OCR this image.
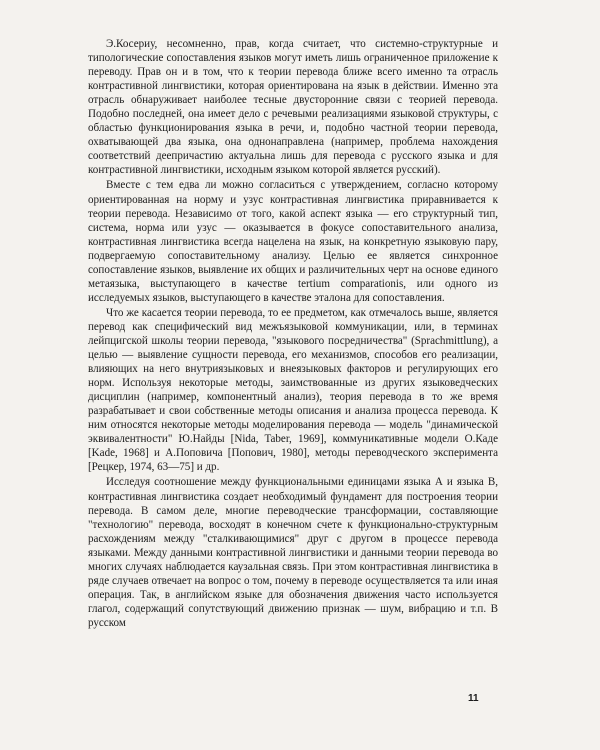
Э.Косериу, несомненно, прав, когда считает, что системно-структурные и типологические сопоставления языков могут иметь лишь ограниченное приложение к переводу. Прав он и в том, что к теории перевода ближе всего именно та отрасль контрастивной лингвистики, которая ориентирована на язык в действии. Именно эта отрасль обнаруживает наиболее тесные двусторонние связи с теорией перевода. Подобно последней, она имеет дело с речевыми реализациями языковой структуры, с областью функционирования языка в речи, и, подобно частной теории перевода, охватывающей два языка, она однонаправлена (например, проблема нахождения соответствий деепричастию актуальна лишь для перевода с русского языка и для контрастивной лингвистики, исходным языком которой является русский).

Вместе с тем едва ли можно согласиться с утверждением, согласно которому ориентированная на норму и узус контрастивная лингвистика приравнивается к теории перевода. Независимо от того, какой аспект языка — его структурный тип, система, норма или узус — оказывается в фокусе сопоставительного анализа, контрастивная лингвистика всегда нацелена на язык, на конкретную языковую пару, подвергаемую сопоставительному анализу. Целью ее является синхронное сопоставление языков, выявление их общих и различительных черт на основе единого метаязыка, выступающего в качестве tertium comparationis, или одного из исследуемых языков, выступающего в качестве эталона для сопоставления.

Что же касается теории перевода, то ее предметом, как отмечалось выше, является перевод как специфический вид межъязыковой коммуникации, или, в терминах лейпцигской школы теории перевода, "языкового посредничества" (Sprachmittlung), а целью — выявление сущности перевода, его механизмов, способов его реализации, влияющих на него внутриязыковых и внеязыковых факторов и регулирующих его норм. Используя некоторые методы, заимствованные из других языковедческих дисциплин (например, компонентный анализ), теория перевода в то же время разрабатывает и свои собственные методы описания и анализа процесса перевода. К ним относятся некоторые методы моделирования перевода — модель "динамической эквивалентности" Ю.Найды [Nida, Taber, 1969], коммуникативные модели О.Каде [Kade, 1968] и А.Поповича [Попович, 1980], методы переводческого эксперимента [Рецкер, 1974, 63—75] и др.

Исследуя соотношение между функциональными единицами языка А и языка В, контрастивная лингвистика создает необходимый фундамент для построения теории перевода. В самом деле, многие переводческие трансформации, составляющие "технологию" перевода, восходят в конечном счете к функционально-структурным расхождениям между "сталкивающимися" друг с другом в процессе перевода языками. Между данными контрастивной лингвистики и данными теории перевода во многих случаях наблюдается каузальная связь. При этом контрастивная лингвистика в ряде случаев отвечает на вопрос о том, почему в переводе осуществляется та или иная операция. Так, в английском языке для обозначения движения часто используется глагол, содержащий сопутствующий движению признак — шум, вибрацию и т.п. В русском

11
